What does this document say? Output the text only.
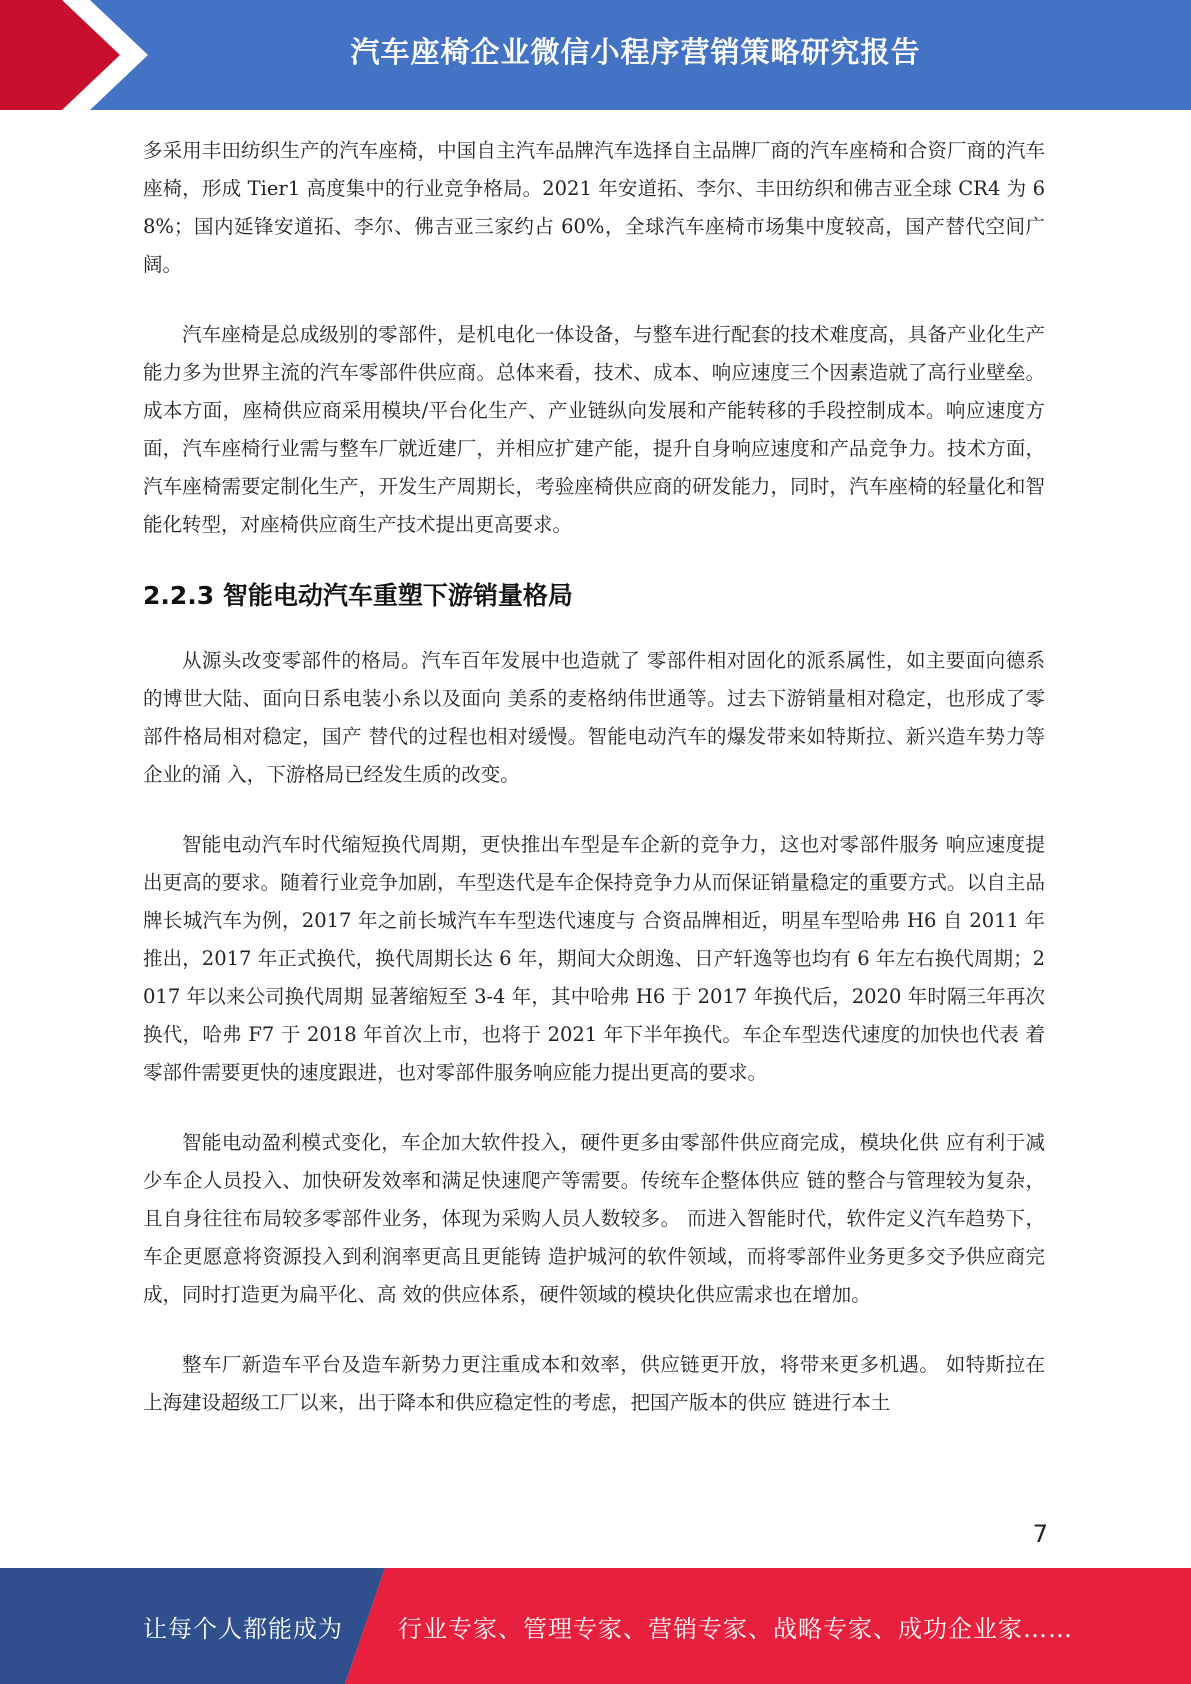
汽车座椅企业微信小程序营销策略研究报告

多采用丰田纺织生产的汽车座椅，中国自主汽车品牌汽车选择自主品牌厂商的汽车座椅和合资厂商的汽车座椅，形成 Tier1 高度集中的行业竞争格局。2021 年安道拓、李尔、丰田纺织和佛吉亚全球 CR4 为 68%；国内延锋安道拓、李尔、佛吉亚三家约占 60%，全球汽车座椅市场集中度较高，国产替代空间广阔。

汽车座椅是总成级别的零部件，是机电化一体设备，与整车进行配套的技术难度高，具备产业化生产能力多为世界主流的汽车零部件供应商。总体来看，技术、成本、响应速度三个因素造就了高行业壁垒。成本方面，座椅供应商采用模块/平台化生产、产业链纵向发展和产能转移的手段控制成本。响应速度方面，汽车座椅行业需与整车厂就近建厂，并相应扩建产能，提升自身响应速度和产品竞争力。技术方面，汽车座椅需要定制化生产，开发生产周期长，考验座椅供应商的研发能力，同时，汽车座椅的轻量化和智能化转型，对座椅供应商生产技术提出更高要求。

2.2.3 智能电动汽车重塑下游销量格局

从源头改变零部件的格局。汽车百年发展中也造就了 零部件相对固化的派系属性，如主要面向德系的博世大陆、面向日系电装小糸以及面向 美系的麦格纳伟世通等。过去下游销量相对稳定，也形成了零部件格局相对稳定，国产 替代的过程也相对缓慢。智能电动汽车的爆发带来如特斯拉、新兴造车势力等企业的涌 入，下游格局已经发生质的改变。

智能电动汽车时代缩短换代周期，更快推出车型是车企新的竞争力，这也对零部件服务 响应速度提出更高的要求。随着行业竞争加剧，车型迭代是车企保持竞争力从而保证销量稳定的重要方式。以自主品牌长城汽车为例，2017 年之前长城汽车车型迭代速度与 合资品牌相近，明星车型哈弗 H6 自 2011 年推出，2017 年正式换代，换代周期长达 6 年，期间大众朗逸、日产轩逸等也均有 6 年左右换代周期；2017 年以来公司换代周期 显著缩短至 3-4 年，其中哈弗 H6 于 2017 年换代后，2020 年时隔三年再次换代，哈弗 F7 于 2018 年首次上市，也将于 2021 年下半年换代。车企车型迭代速度的加快也代表 着零部件需要更快的速度跟进，也对零部件服务响应能力提出更高的要求。

智能电动盈利模式变化，车企加大软件投入，硬件更多由零部件供应商完成，模块化供 应有利于减少车企人员投入、加快研发效率和满足快速爬产等需要。传统车企整体供应 链的整合与管理较为复杂，且自身往往布局较多零部件业务，体现为采购人员人数较多。 而进入智能时代，软件定义汽车趋势下，车企更愿意将资源投入到利润率更高且更能铸 造护城河的软件领域，而将零部件业务更多交予供应商完成，同时打造更为扁平化、高 效的供应体系，硬件领域的模块化供应需求也在增加。

整车厂新造车平台及造车新势力更注重成本和效率，供应链更开放，将带来更多机遇。 如特斯拉在上海建设超级工厂以来，出于降本和供应稳定性的考虑，把国产版本的供应 链进行本土

7
让每个人都能成为 行业专家、管理专家、营销专家、战略专家、成功企业家……
